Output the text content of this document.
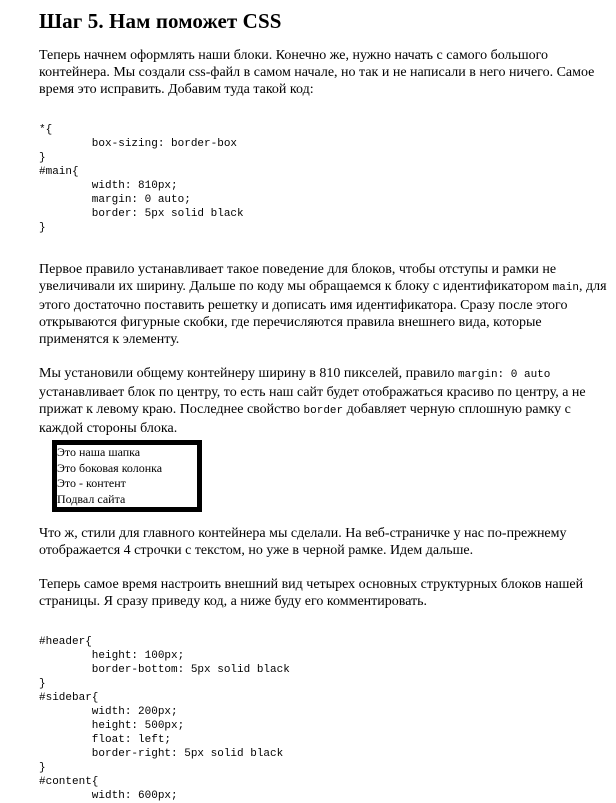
Шаг 5. Нам поможет CSS

Теперь начнем оформлять наши блоки. Конечно же, нужно начать с самого большого контейнера. Мы создали css-файл в самом начале, но так и не написали в него ничего. Самое время это исправить. Добавим туда такой код:

*{
box-sizing: border-box
}
#main{
width: 810px;
margin: 0 auto;
border: 5px solid black
}

Первое правило устанавливает такое поведение для блоков, чтобы отступы и рамки не увеличивали их ширину. Дальше по коду мы обращаемся к блоку с идентификатором main, для этого достаточно поставить решетку и дописать имя идентификатора. Сразу после этого открываются фигурные скобки, где перечисляются правила внешнего вида, которые применятся к элементу.

Мы установили общему контейнеру ширину в 810 пикселей, правило margin: 0 auto устанавливает блок по центру, то есть наш сайт будет отображаться красиво по центру, а не прижат к левому краю. Последнее свойство border добавляет черную сплошную рамку с каждой стороны блока.

Это наша шапка
Это боковая колонка
Это - контент
Подвал сайта

Что ж, стили для главного контейнера мы сделали. На веб-страничке у нас по-прежнему отображается 4 строчки с текстом, но уже в черной рамке. Идем дальше.

Теперь самое время настроить внешний вид четырех основных структурных блоков нашей страницы. Я сразу приведу код, а ниже буду его комментировать.

#header{
height: 100px;
border-bottom: 5px solid black
}
#sidebar{
width: 200px;
height: 500px;
float: left;
border-right: 5px solid black
}
#content{
width: 600px;
